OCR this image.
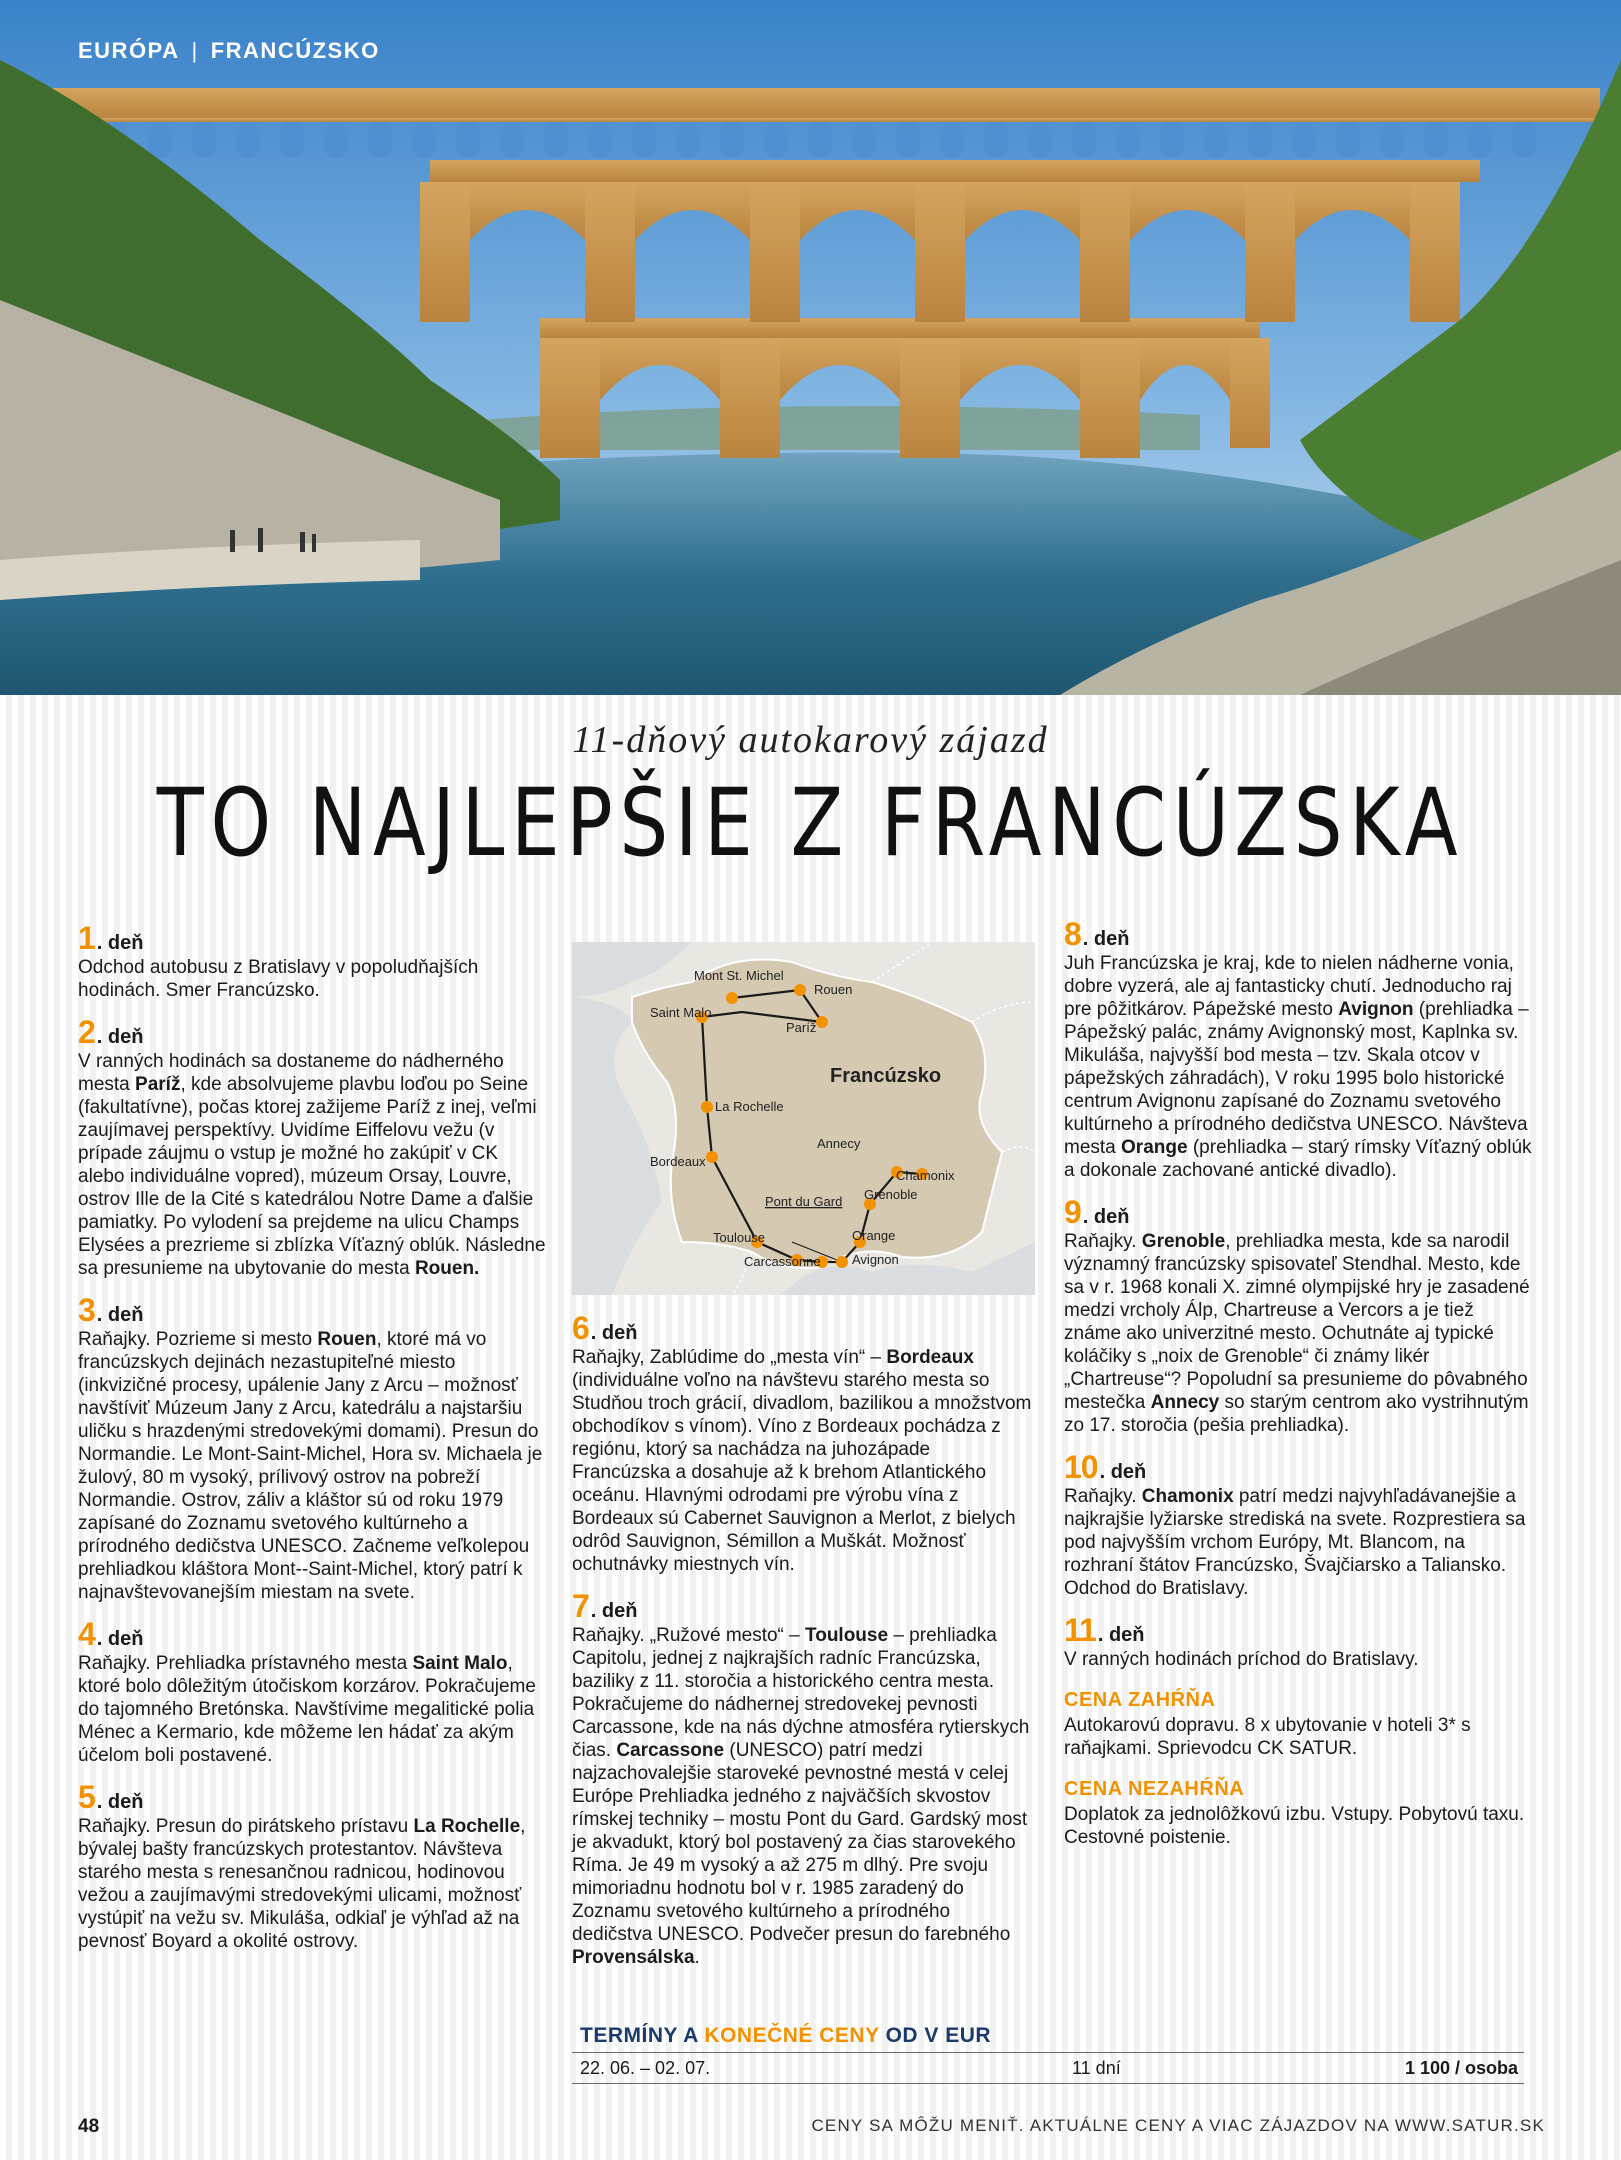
EURÓPA | FRANCÚZSKO
11-dňový autokarový zájazd
TO NAJLEPŠIE Z FRANCÚZSKA
1 . deň
Odchod autobusu z Bratislavy v popoludňajších hodinách. Smer Francúzsko.
2 . deň
V ranných hodinách sa dostaneme do nádherného mesta Paríž, kde absolvujeme plavbu loďou po Seine (fakultatívne), počas ktorej zažijeme Paríž z inej, veľmi zaujímavej perspektívy. Uvidíme Eiffelovu vežu (v prípade záujmu o vstup je možné ho zakúpiť v CK alebo individuálne vopred), múzeum Orsay, Louvre, ostrov Ille de la Cité s katedrálou Notre Dame a ďalšie pamiatky. Po vylodení sa prejdeme na ulicu Champs Elysées a prezrieme si zblízka Víťazný oblúk. Následne sa presunieme na ubytovanie do mesta Rouen.
3 . deň
Raňajky. Pozrieme si mesto Rouen, ktoré má vo francúzskych dejinách nezastupiteľné miesto (inkvizičné procesy, upálenie Jany z Arcu – možnosť navštíviť Múzeum Jany z Arcu, katedrálu a najstaršiu uličku s hrazdenými stredovekými domami). Presun do Normandie. Le Mont-Saint-Michel, Hora sv. Michaela je žulový, 80 m vysoký, prílivový ostrov na pobreží Normandie. Ostrov, záliv a kláštor sú od roku 1979 zapísané do Zoznamu svetového kultúrneho a prírodného dedičstva UNESCO. Začneme veľkolepou prehliadkou kláštora Mont--Saint-Michel, ktorý patrí k najnavštevovanejším miestam na svete.
4 . deň
Raňajky. Prehliadka prístavného mesta Saint Malo, ktoré bolo dôležitým útočiskom korzárov. Pokračujeme do tajomného Bretónska. Navštívime megalitické polia Ménec a Kermario, kde môžeme len hádať za akým účelom boli postavené.
5 . deň
Raňajky. Presun do pirátskeho prístavu La Rochelle, bývalej bašty francúzskych protestantov. Návšteva starého mesta s renesančnou radnicou, hodinovou vežou a zaujímavými stredovekými ulicami, možnosť vystúpiť na vežu sv. Mikuláša, odkiaľ je výhľad až na pevnosť Boyard a okolité ostrovy.
Mont St. Michel
Rouen
Saint Malo
Paríž
La Rochelle
Annecy
Bordeaux
Chamonix
Pont du Gard Grenoble
Toulouse	Orange
Carcassonne Avignon
Francúzsko
6 . deň
Raňajky, Zablúdime do „mesta vín“ – Bordeaux (individuálne voľno na návštevu starého mesta so Studňou troch grácií, divadlom, bazilikou a množstvom obchodíkov s vínom). Víno z Bordeaux pochádza z regiónu, ktorý sa nachádza na juhozápade Francúzska a dosahuje až k brehom Atlantického oceánu. Hlavnými odrodami pre výrobu vína z Bordeaux sú Cabernet Sauvignon a Merlot, z bielych odrôd Sauvignon, Sémillon a Muškát. Možnosť ochutnávky miestnych vín.
7 . deň
Raňajky. „Ružové mesto“ – Toulouse – prehliadka Capitolu, jednej z najkrajších radníc Francúzska, baziliky z 11. storočia a historického centra mesta. Pokračujeme do nádhernej stredovekej pevnosti Carcassone, kde na nás dýchne atmosféra rytierskych čias. Carcassone (UNESCO) patrí medzi najzachovalejšie staroveké pevnostné mestá v celej Európe Prehliadka jedného z najväčších skvostov rímskej techniky – mostu Pont du Gard. Gardský most je akvadukt, ktorý bol postavený za čias starovekého Ríma. Je 49 m vysoký a až 275 m dlhý. Pre svoju mimoriadnu hodnotu bol v r. 1985 zaradený do Zoznamu svetového kultúrneho a prírodného dedičstva UNESCO. Podvečer presun do farebného Provensálska.
8 . deň
Juh Francúzska je kraj, kde to nielen nádherne vonia, dobre vyzerá, ale aj fantasticky chutí. Jednoducho raj pre pôžitkárov. Pápežské mesto Avignon (prehliadka – Pápežský palác, známy Avignonský most, Kaplnka sv. Mikuláša, najvyšší bod mesta – tzv. Skala otcov v pápežských záhradách), V roku 1995 bolo historické centrum Avignonu zapísané do Zoznamu svetového kultúrneho a prírodného dedičstva UNESCO. Návšteva mesta Orange (prehliadka – starý rímsky Víťazný oblúk a dokonale zachované antické divadlo).
9 . deň
Raňajky. Grenoble, prehliadka mesta, kde sa narodil významný francúzsky spisovateľ Stendhal. Mesto, kde sa v r. 1968 konali X. zimné olympijské hry je zasadené medzi vrcholy Álp, Chartreuse a Vercors a je tiež známe ako univerzitné mesto. Ochutnáte aj typické koláčiky s „noix de Grenoble“ či známy likér „Chartreuse“? Popoludní sa presunieme do pôvabného mestečka Annecy so starým centrom ako vystrihnutým zo 17. storočia (pešia prehliadka).
10 . deň
Raňajky. Chamonix patrí medzi najvyhľadávanejšie a najkrajšie lyžiarske strediská na svete. Rozprestiera sa pod najvyšším vrchom Európy, Mt. Blancom, na rozhraní štátov Francúzsko, Švajčiarsko a Taliansko. Odchod do Bratislavy.
11 . deň
V ranných hodinách príchod do Bratislavy.
CENA ZAHŔŇA
Autokarovú dopravu. 8 x ubytovanie v hoteli 3* s raňajkami. Sprievodcu CK SATUR.
CENA NEZAHŔŇA
Doplatok za jednolôžkovú izbu. Vstupy. Pobytovú taxu. Cestovné poistenie.
TERMÍNY A KONEČNÉ CENY OD V EUR
22. 06. – 02. 07.	11 dní	1 100 / osoba
48	CENY SA MÔŽU MENIŤ. AKTUÁLNE CENY A VIAC ZÁJAZDOV NA WWW.SATUR.SK
